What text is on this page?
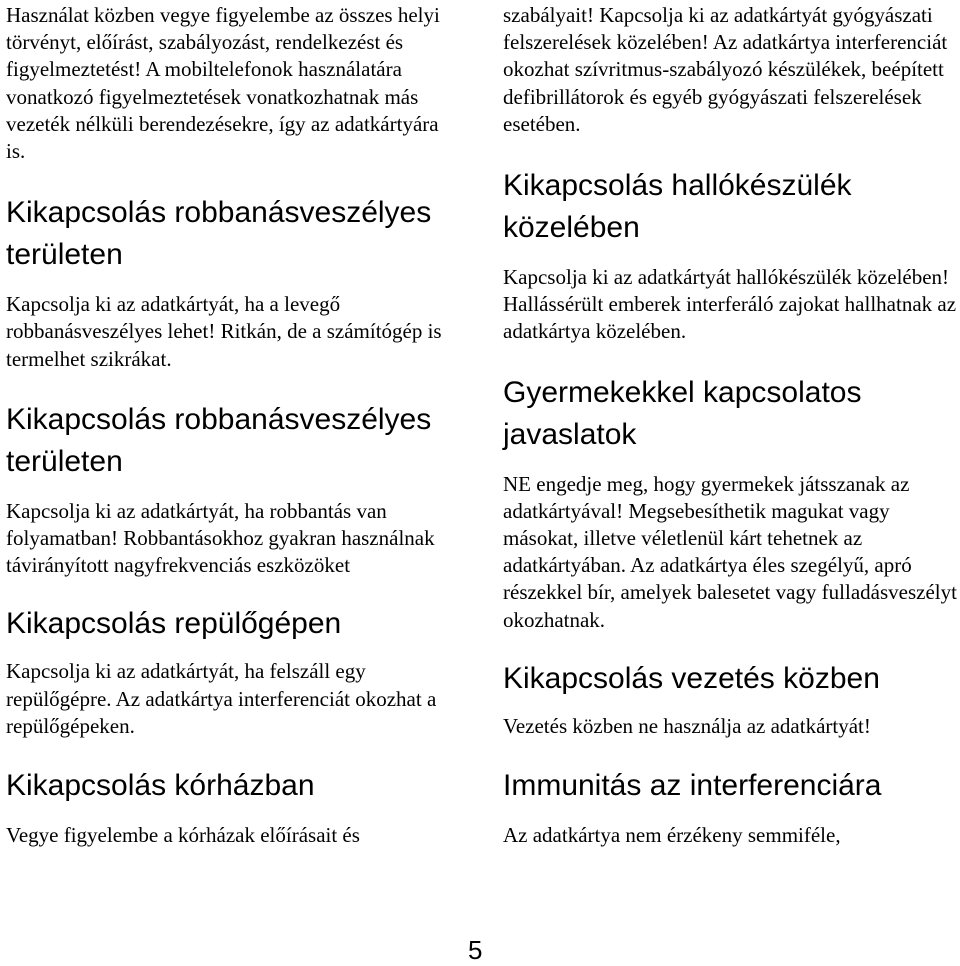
Használat közben vegye figyelembe az összes helyi törvényt, előírást, szabályozást, rendelkezést és figyelmeztetést! A mobiltelefonok használatára vonatkozó figyelmeztetések vonatkozhatnak más vezeték nélküli berendezésekre, így az adatkártyára is.

Kikapcsolás robbanásveszélyes területen

Kapcsolja ki az adatkártyát, ha a levegő robbanásveszélyes lehet! Ritkán, de a számítógép is termelhet szikrákat.

Kikapcsolás robbanásveszélyes területen

Kapcsolja ki az adatkártyát, ha robbantás van folyamatban! Robbantásokhoz gyakran használnak távirányított nagyfrekvenciás eszközöket

Kikapcsolás repülőgépen

Kapcsolja ki az adatkártyát, ha felszáll egy repülőgépre. Az adatkártya interferenciát okozhat a repülőgépeken.

Kikapcsolás kórházban

Vegye figyelembe a kórházak előírásait és

szabályait! Kapcsolja ki az adatkártyát gyógyászati felszerelések közelében! Az adatkártya interferenciát okozhat szívritmus-szabályozó készülékek, beépített defibrillátorok és egyéb gyógyászati felszerelések esetében.

Kikapcsolás hallókészülék közelében

Kapcsolja ki az adatkártyát hallókészülék közelében! Hallássérült emberek interferáló zajokat hallhatnak az adatkártya közelében.

Gyermekekkel kapcsolatos javaslatok

NE engedje meg, hogy gyermekek játsszanak az adatkártyával! Megsebesíthetik magukat vagy másokat, illetve véletlenül kárt tehetnek az adatkártyában. Az adatkártya éles szegélyű, apró részekkel bír, amelyek balesetet vagy fulladásveszélyt okozhatnak.

Kikapcsolás vezetés közben

Vezetés közben ne használja az adatkártyát!

Immunitás az interferenciára

Az adatkártya nem érzékeny semmiféle,

5
